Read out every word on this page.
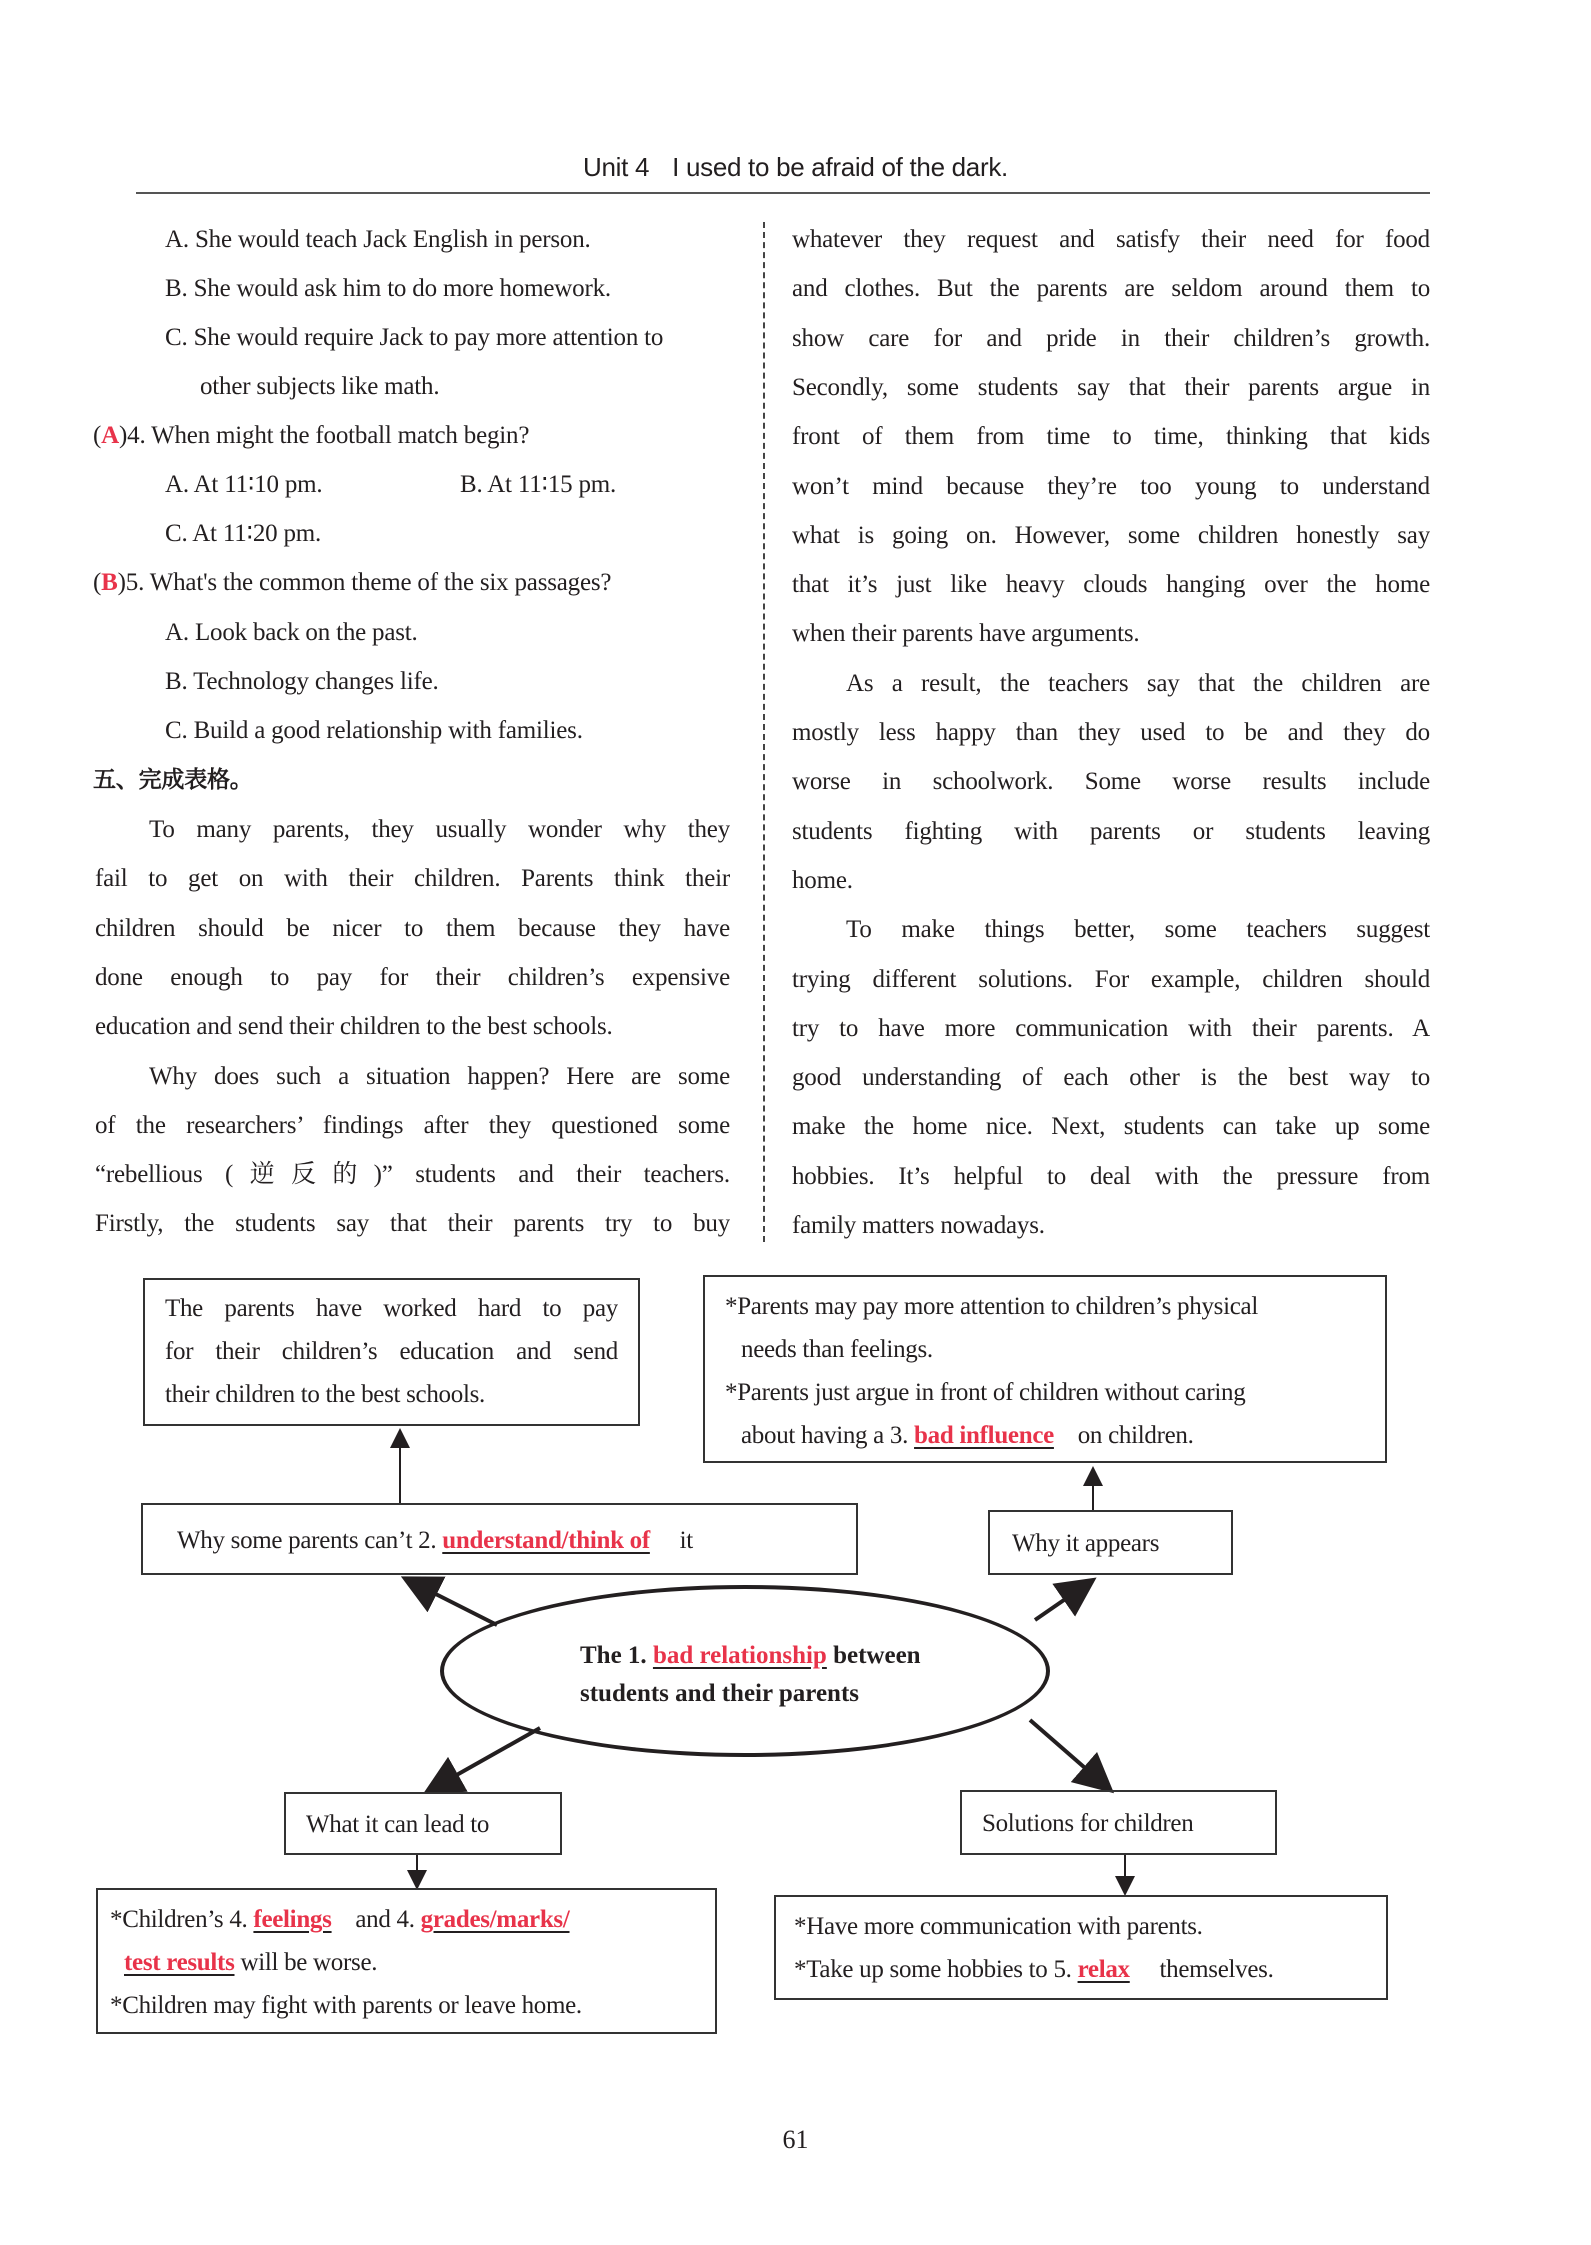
Unit 4 I used to be afraid of the dark.
A. She would teach Jack English in person.
B. She would ask him to do more homework.
C. She would require Jack to pay more attention to
other subjects like math.
(A)4. When might the football match begin?
A. At 11∶10 pm.	B. At 11∶15 pm.
C. At 11∶20 pm.
(B)5. What's the common theme of the six passages?
A. Look back on the past.
B. Technology changes life.
C. Build a good relationship with families.
五、完成表格。
The parents have worked hard to pay
for their children’s education and send
their children to the best schools.
*Parents may pay more attention to children’s physical
needs than feelings.
*Parents just argue in front of children without caring
about having a 3. bad influence on children.
Why some parents can’t 2. understand/think of it	Why it appears
The 1. bad relationship between
students and their parents
What it can lead to	Solutions for children
*Children’s 4. feelings and 4. grades/marks/
test results will be worse.
*Children may fight with parents or leave home.
*Have more communication with parents.
*Take up some hobbies to 5. relax themselves.
61
To many parents, they usually wonder why they
fail to get on with their children. Parents think their
children should be nicer to them because they have
done enough to pay for their children’s expensive
education and send their children to the best schools.
Why does such a situation happen? Here are some
of the researchers’ findings after they questioned some
“rebellious (逆反的)” students and their teachers.
Firstly, the students say that their parents try to buy
whatever they request and satisfy their need for food
and clothes. But the parents are seldom around them to
show care for and pride in their children’s growth.
Secondly, some students say that their parents argue in
front of them from time to time, thinking that kids
won’t mind because they’re too young to understand
what is going on. However, some children honestly say
that it’s just like heavy clouds hanging over the home
when their parents have arguments.
As a result, the teachers say that the children are
mostly less happy than they used to be and they do
worse in schoolwork. Some worse results include
students fighting with parents or students leaving
home.
To make things better, some teachers suggest
trying different solutions. For example, children should
try to have more communication with their parents. A
good understanding of each other is the best way to
make the home nice. Next, students can take up some
hobbies. It’s helpful to deal with the pressure from
family matters nowadays.
